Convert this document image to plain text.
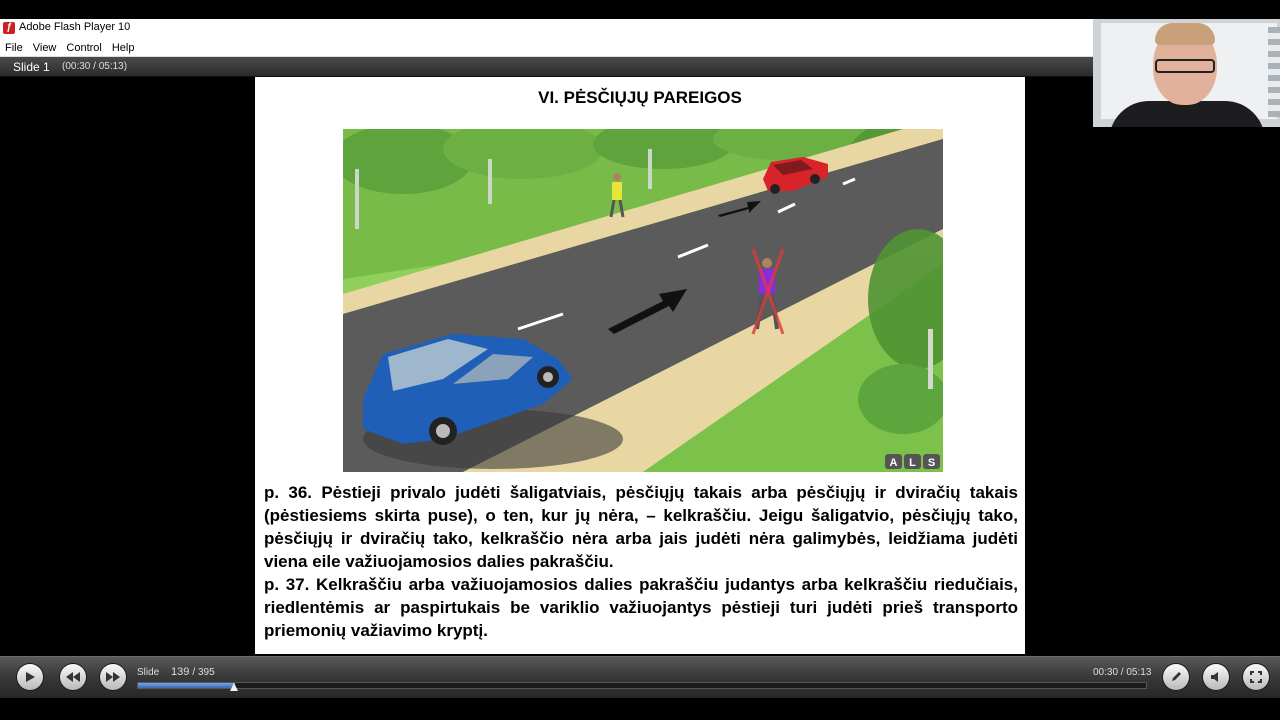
ƒ Adobe Flash Player 10
File View Control Help
Slide 1 (00:30 / 05:13)
VI. PĖSČIŲJŲ PAREIGOS
A L S

p. 36. Pėstieji privalo judėti šaligatviais, pėsčiųjų takais arba pėsčiųjų ir dviračių takais (pėstiesiems skirta puse), o ten, kur jų nėra, – kelkraščiu. Jeigu šaligatvio, pėsčiųjų tako, pėsčiųjų ir dviračių tako, kelkraščio nėra arba jais judėti nėra galimybės, leidžiama judėti viena eile važiuojamosios dalies pakraščiu.

p. 37. Kelkraščiu arba važiuojamosios dalies pakraščiu judantys arba kelkraščiu riedučiais, riedlentėmis ar paspirtukais be variklio važiuojantys pėstieji turi judėti prieš transporto priemonių važiavimo kryptį.

Slide 139 / 395	00:30 / 05:13
